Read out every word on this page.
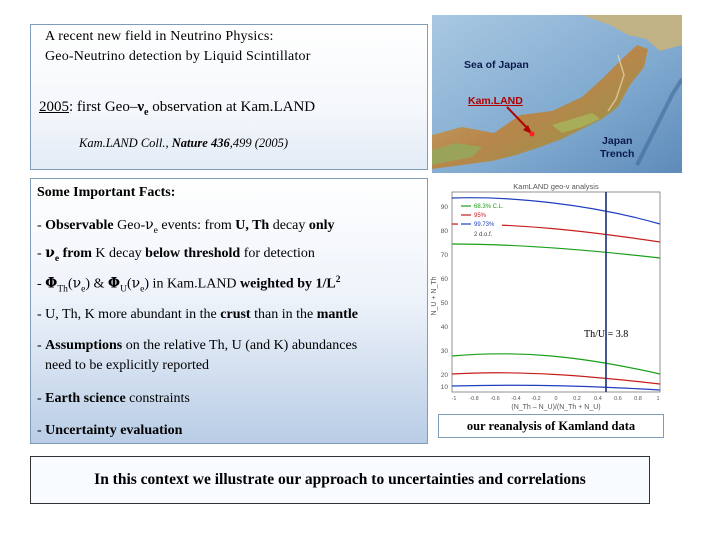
A recent new field in Neutrino Physics:
Geo-Neutrino detection by Liquid Scintillator
2005: first Geo–$\nu_e$ observation at Kam.LAND
Kam.LAND Coll., Nature 436,499 (2005)
Sea of Japan
Kam.LAND
Japan
Trench
Some Important Facts:
- Observable Geo-$\nu_e$ events: from U, Th decay only
- $\nu_e$ from K decay below threshold for detection
- $\Phi_{Th}(\nu_e)$ & $\Phi_U(\nu_e)$ in Kam.LAND weighted by $1/L^2$
- U, Th, K more abundant in the crust than in the mantle
- Assumptions on the relative Th, U (and K) abundances
need to be explicitly reported
- Earth science constraints
- Uncertainty evaluation
KamLAND geo-ν analysis
90
80
70
60
50
40
30
20
10
N_U + N_Th
-1 -0.8 -0.6 -0.4 -0.2 0	0.2 0.4 0.6 0.8	1
(N_Th – N_U)/(N_Th + N_U)
68.3% C.L.
95%
99.73%
2 d.o.f.
Th/U = 3.8
our reanalysis of Kamland data
In this context we illustrate our approach to uncertainties and correlations
